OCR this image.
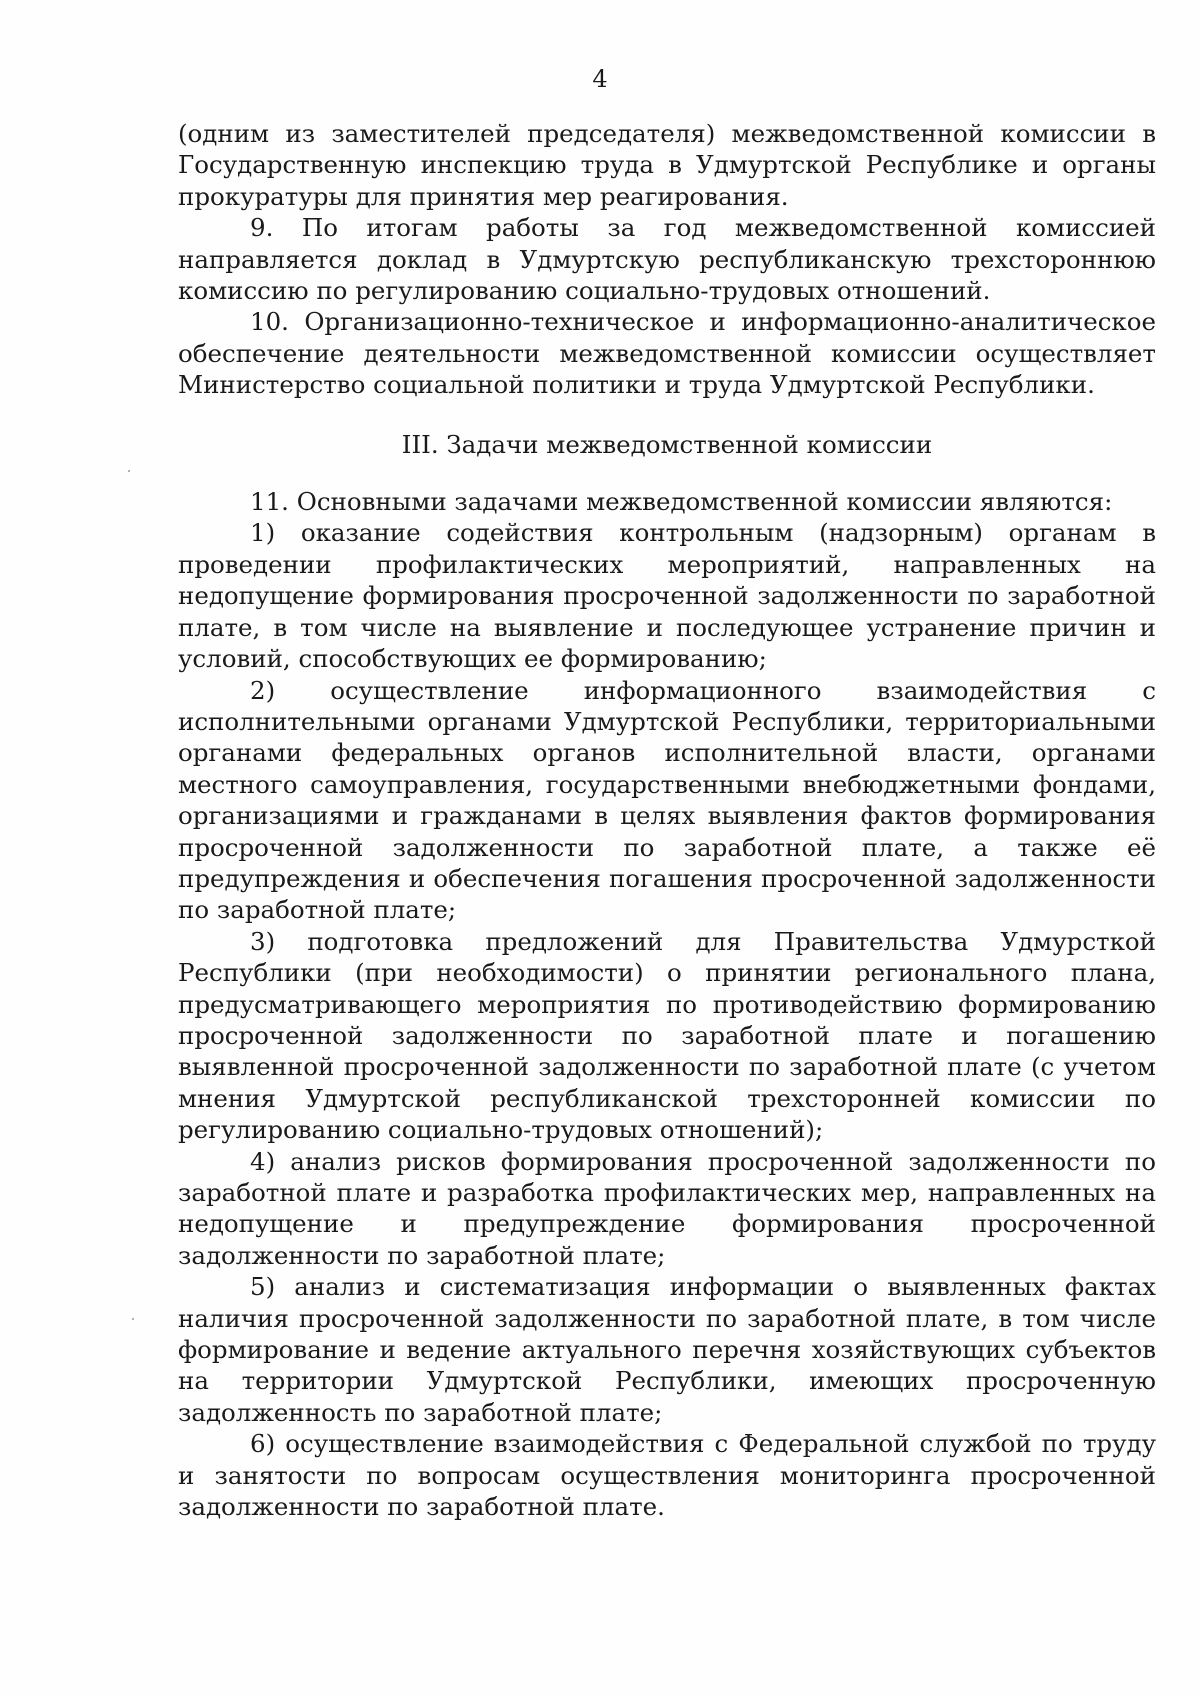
4

(одним из заместителей председателя) межведомственной комиссии в Государственную инспекцию труда в Удмуртской Республике и органы прокуратуры для принятия мер реагирования.

9. По итогам работы за год межведомственной комиссией направляется доклад в Удмуртскую республиканскую трехстороннюю комиссию по регулированию социально-трудовых отношений.

10. Организационно-техническое и информационно-аналитическое обеспечение деятельности межведомственной комиссии осуществляет Министерство социальной политики и труда Удмуртской Республики.

III. Задачи межведомственной комиссии

11. Основными задачами межведомственной комиссии являются:

1) оказание содействия контрольным (надзорным) органам в проведении профилактических мероприятий, направленных на недопущение формирования просроченной задолженности по заработной плате, в том числе на выявление и последующее устранение причин и условий, способствующих ее формированию;

2) осуществление информационного взаимодействия с исполнительными органами Удмуртской Республики, территориальными органами федеральных органов исполнительной власти, органами местного самоуправления, государственными внебюджетными фондами, организациями и гражданами в целях выявления фактов формирования просроченной задолженности по заработной плате, а также её предупреждения и обеспечения погашения просроченной задолженности по заработной плате;

3) подготовка предложений для Правительства Удмурсткой Республики (при необходимости) о принятии регионального плана, предусматривающего мероприятия по противодействию формированию просроченной задолженности по заработной плате и погашению выявленной просроченной задолженности по заработной плате (с учетом мнения Удмуртской республиканской трехсторонней комиссии по регулированию социально-трудовых отношений);

4) анализ рисков формирования просроченной задолженности по заработной плате и разработка профилактических мер, направленных на недопущение и предупреждение формирования просроченной задолженности по заработной плате;

5) анализ и систематизация информации о выявленных фактах наличия просроченной задолженности по заработной плате, в том числе формирование и ведение актуального перечня хозяйствующих субъектов на территории Удмуртской Республики, имеющих просроченную задолженность по заработной плате;

6) осуществление взаимодействия с Федеральной службой по труду и занятости по вопросам осуществления мониторинга просроченной задолженности по заработной плате.
